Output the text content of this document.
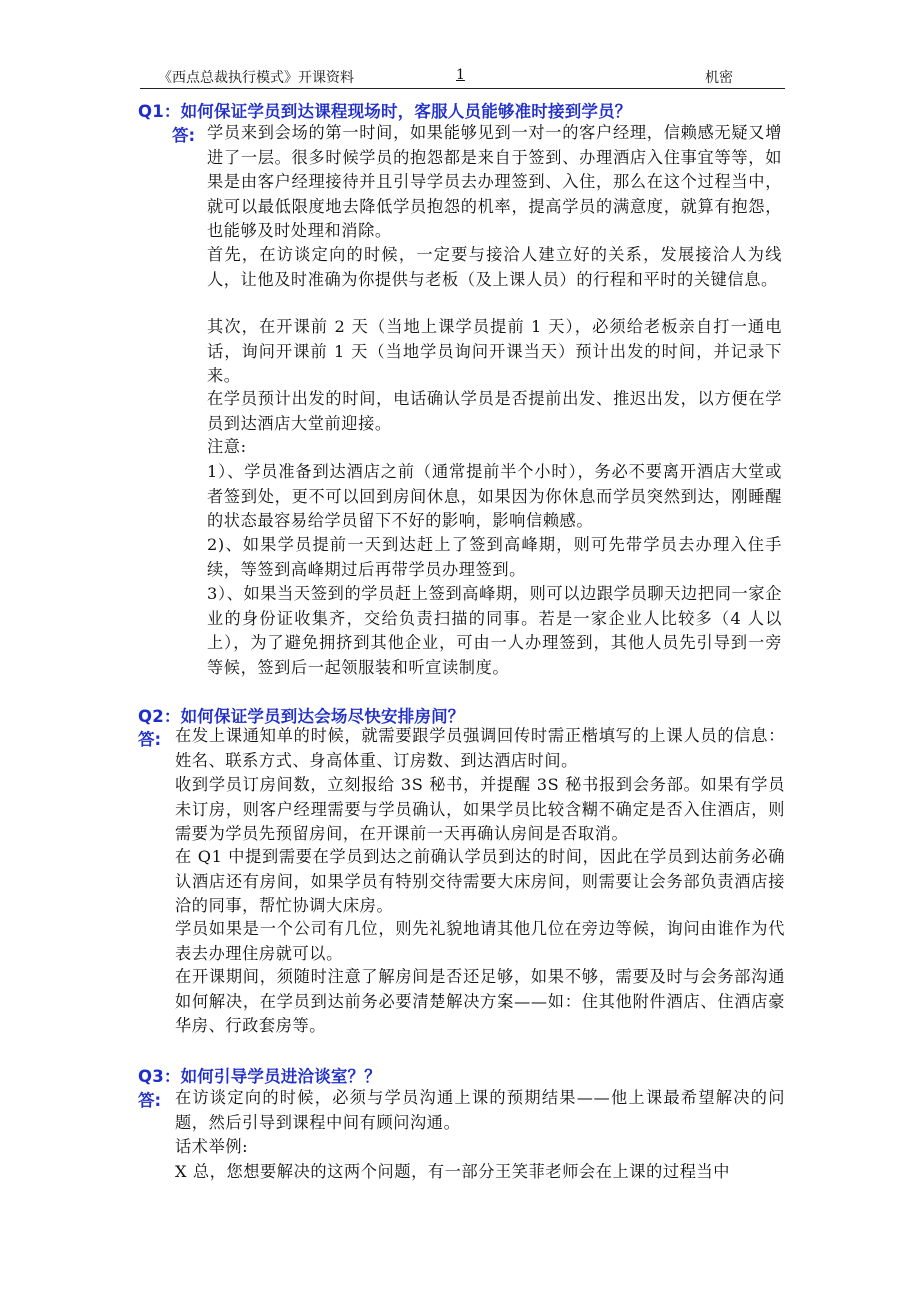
《西点总裁执行模式》开课资料	1	机密
Q1：如何保证学员到达课程现场时，客服人员能够准时接到学员？
答: 学员来到会场的第一时间，如果能够见到一对一的客户经理，信赖感无疑又增进了一层。很多时候学员的抱怨都是来自于签到、办理酒店入住事宜等等，如果是由客户经理接待并且引导学员去办理签到、入住，那么在这个过程当中，就可以最低限度地去降低学员抱怨的机率，提高学员的满意度，就算有抱怨，也能够及时处理和消除。

首先，在访谈定向的时候，一定要与接洽人建立好的关系，发展接洽人为线人，让他及时准确为你提供与老板（及上课人员）的行程和平时的关键信息。

其次，在开课前 2 天（当地上课学员提前 1 天），必须给老板亲自打一通电话，询问开课前 1 天（当地学员询问开课当天）预计出发的时间，并记录下来。

在学员预计出发的时间，电话确认学员是否提前出发、推迟出发，以方便在学员到达酒店大堂前迎接。

注意:

1）、学员准备到达酒店之前（通常提前半个小时），务必不要离开酒店大堂或者签到处，更不可以回到房间休息，如果因为你休息而学员突然到达，刚睡醒的状态最容易给学员留下不好的影响，影响信赖感。

2)、如果学员提前一天到达赶上了签到高峰期，则可先带学员去办理入住手续，等签到高峰期过后再带学员办理签到。

3）、如果当天签到的学员赶上签到高峰期，则可以边跟学员聊天边把同一家企业的身份证收集齐，交给负责扫描的同事。若是一家企业人比较多（4 人以上），为了避免拥挤到其他企业，可由一人办理签到，其他人员先引导到一旁等候，签到后一起领服装和听宣读制度。

Q2：如何保证学员到达会场尽快安排房间？
答: 在发上课通知单的时候，就需要跟学员强调回传时需正楷填写的上课人员的信息：姓名、联系方式、身高体重、订房数、到达酒店时间。

收到学员订房间数，立刻报给 3S 秘书，并提醒 3S 秘书报到会务部。如果有学员未订房，则客户经理需要与学员确认，如果学员比较含糊不确定是否入住酒店，则需要为学员先预留房间，在开课前一天再确认房间是否取消。

在 Q1 中提到需要在学员到达之前确认学员到达的时间，因此在学员到达前务必确认酒店还有房间，如果学员有特别交待需要大床房间，则需要让会务部负责酒店接洽的同事，帮忙协调大床房。

学员如果是一个公司有几位，则先礼貌地请其他几位在旁边等候，询问由谁作为代表去办理住房就可以。

在开课期间，须随时注意了解房间是否还足够，如果不够，需要及时与会务部沟通如何解决，在学员到达前务必要清楚解决方案——如：住其他附件酒店、住酒店豪华房、行政套房等。

Q3：如何引导学员进洽谈室？？
答: 在访谈定向的时候，必须与学员沟通上课的预期结果——他上课最希望解决的问题，然后引导到课程中间有顾问沟通。

话术举例:

X 总，您想要解决的这两个问题，有一部分王笑菲老师会在上课的过程当中
